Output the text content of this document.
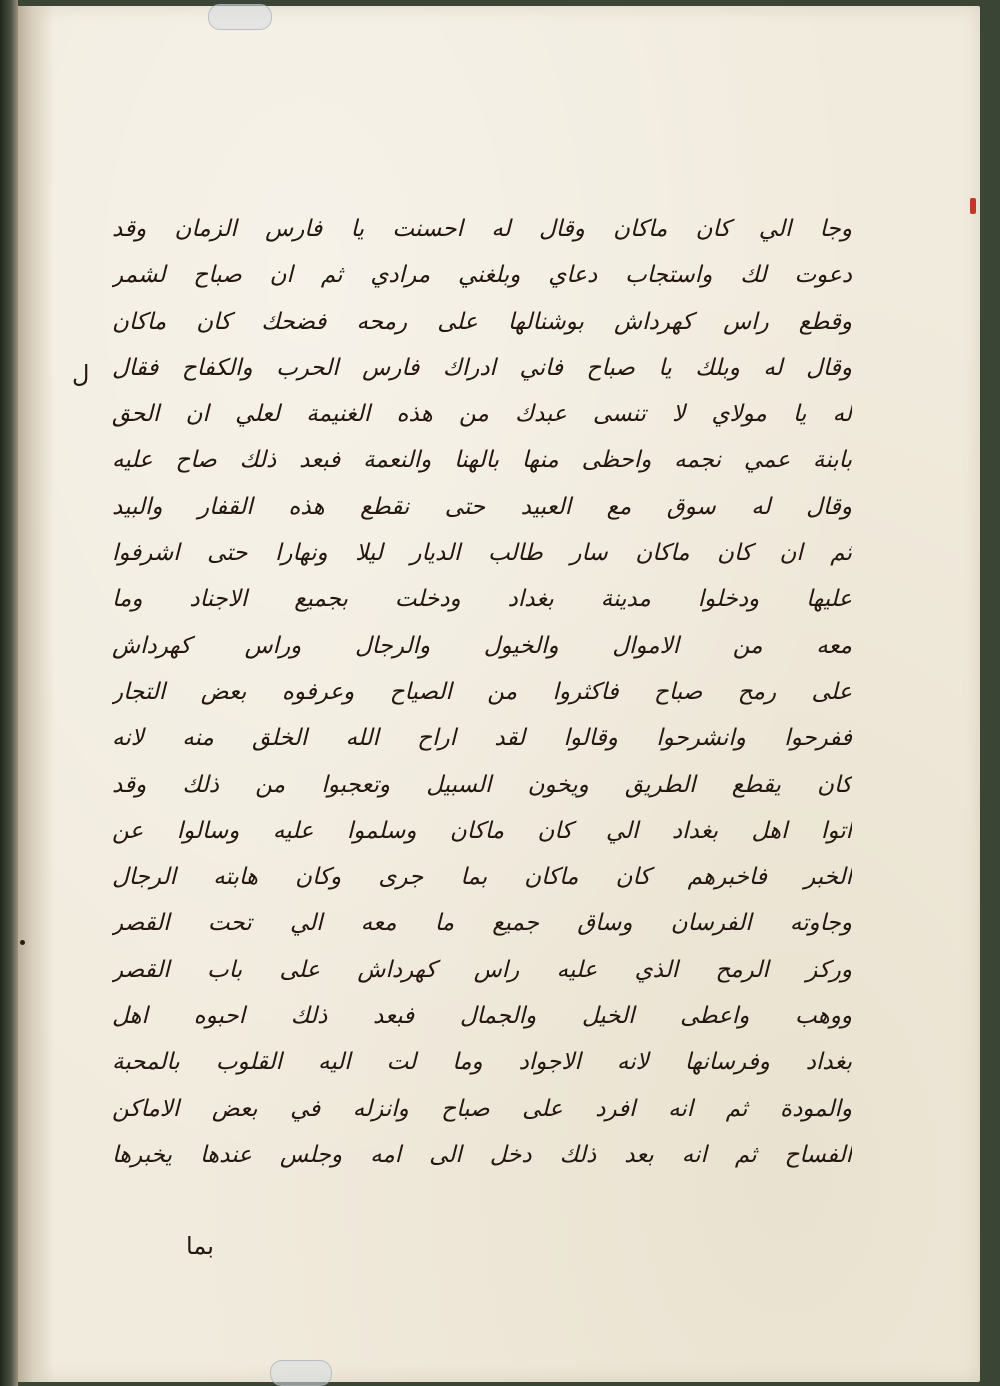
ل
وجا الي كان ماكان وقال له احسنت يا فارس الزمان وقد
دعوت لك واستجاب دعاي وبلغني مرادي ثم ان صباح لشمر
وقطع راس كهرداش بوشنالها على رمحه فضحك كان ماكان
وقال له وبلك يا صباح فاني ادراك فارس الحرب والكفاح فقال
له يا مولاي لا تنسى عبدك من هذه الغنيمة لعلي ان الحق
بابنة عمي نجمه واحظى منها بالهنا والنعمة فبعد ذلك صاح عليه
وقال له سوق مع العبيد حتى نقطع هذه القفار والبيد
ثم ان كان ماكان سار طالب الديار ليلا ونهارا حتى اشرفوا
عليها ودخلوا مدينة بغداد ودخلت بجميع الاجناد وما
معه من الاموال والخيول والرجال وراس كهرداش
على رمح صباح فاكثروا من الصياح وعرفوه بعض التجار
ففرحوا وانشرحوا وقالوا لقد اراح الله الخلق منه لانه
كان يقطع الطريق ويخون السبيل وتعجبوا من ذلك وقد
اتوا اهل بغداد الي كان ماكان وسلموا عليه وسالوا عن
الخبر فاخبرهم كان ماكان بما جرى وكان هابته الرجال
وجاوته الفرسان وساق جميع ما معه الي تحت القصر
وركز الرمح الذي عليه راس كهرداش على باب القصر
ووهب واعطى الخيل والجمال فبعد ذلك احبوه اهل
بغداد وفرسانها لانه الاجواد وما لت اليه القلوب بالمحبة
والمودة ثم انه افرد على صباح وانزله في بعض الاماكن
الفساح ثم انه بعد ذلك دخل الى امه وجلس عندها يخبرها
بما
